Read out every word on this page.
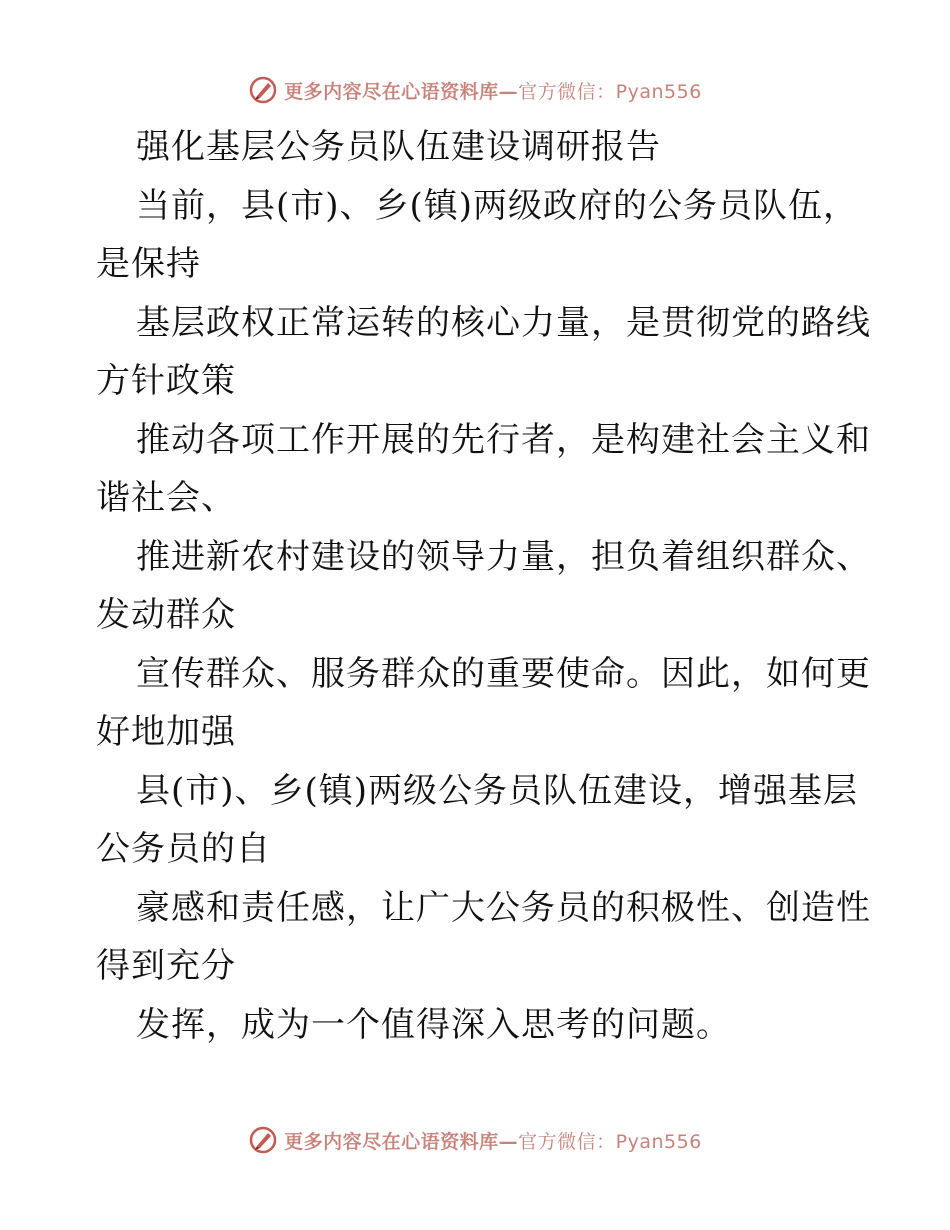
更多内容尽在心语资料库—官方微信：Pyan556
强化基层公务员队伍建设调研报告
当前，县(市)、乡(镇)两级政府的公务员队伍，
是保持
基层政权正常运转的核心力量，是贯彻党的路线
方针政策
推动各项工作开展的先行者，是构建社会主义和
谐社会、
推进新农村建设的领导力量，担负着组织群众、
发动群众
宣传群众、服务群众的重要使命。因此，如何更
好地加强
县(市)、乡(镇)两级公务员队伍建设，增强基层
公务员的自
豪感和责任感，让广大公务员的积极性、创造性
得到充分
发挥，成为一个值得深入思考的问题。
更多内容尽在心语资料库—官方微信：Pyan556
